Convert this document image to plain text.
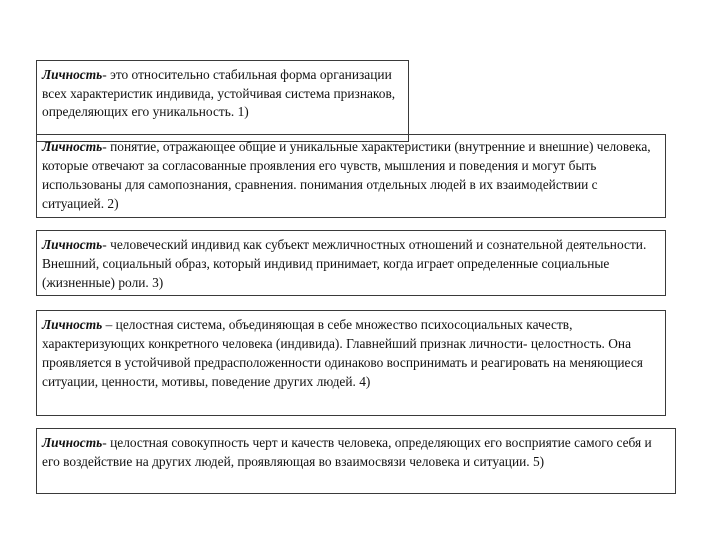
Личность- это относительно стабильная форма организации всех характеристик индивида, устойчивая система признаков, определяющих его уникальность. 1)
Личность- понятие, отражающее общие и уникальные характеристики (внутренние и внешние) человека, которые отвечают за согласованные проявления его чувств, мышления и поведения и могут быть использованы для самопознания, сравнения. понимания отдельных людей в их взаимодействии с ситуацией. 2)
Личность- человеческий индивид как субъект межличностных отношений и сознательной деятельности. Внешний, социальный образ, который индивид принимает, когда играет определенные социальные (жизненные) роли. 3)
Личность – целостная система, объединяющая в себе множество психосоциальных качеств, характеризующих конкретного человека (индивида). Главнейший признак личности- целостность. Она проявляется в устойчивой предрасположенности одинаково воспринимать и реагировать на меняющиеся ситуации, ценности, мотивы, поведение других людей. 4)
Личность- целостная совокупность черт и качеств человека, определяющих его восприятие самого себя и его воздействие на других людей, проявляющая во взаимосвязи человека и ситуации. 5)
